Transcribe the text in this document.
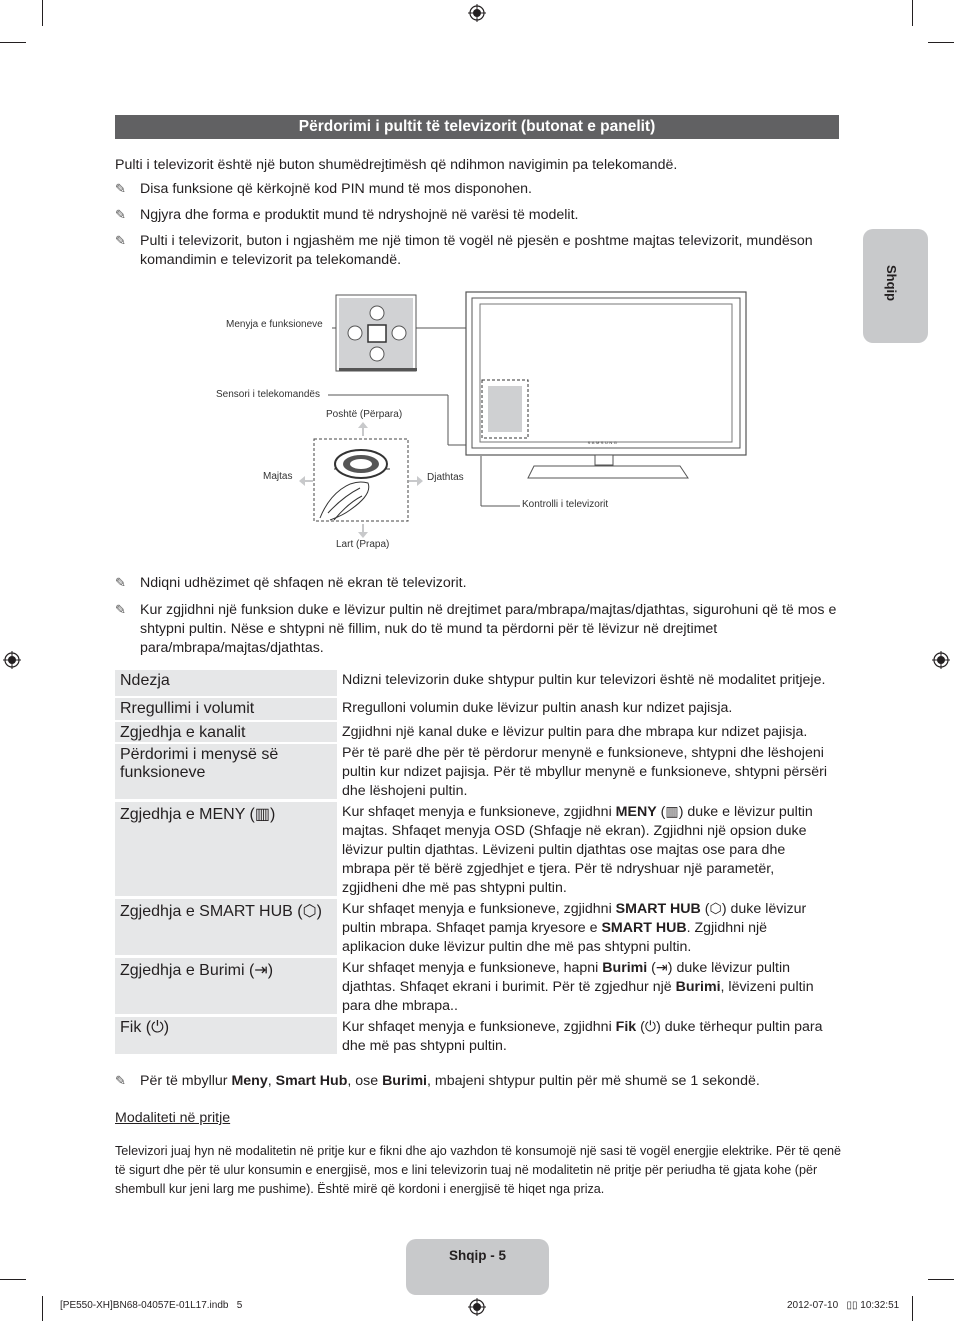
Shqip
Përdorimi i pultit të televizorit (butonat e panelit)
Pulti i televizorit është një buton shumëdrejtimësh që ndihmon navigimin pa telekomandë.
✎ Disa funksione që kërkojnë kod PIN mund të mos disponohen.
✎ Ngjyra dhe forma e produktit mund të ndryshojnë në varësi të modelit.
✎ Pulti i televizorit, buton i ngjashëm me një timon të vogël në pjesën e poshtme majtas televizorit, mundëson komandimin e televizorit pa telekomandë.
SAMSUNG
Menyja e funksioneve
Sensori i telekomandës
Poshtë (Përpara)
Majtas	Djathtas
Lart (Prapa)
Kontrolli i televizorit
✎ Ndiqni udhëzimet që shfaqen në ekran të televizorit.
✎ Kur zgjidhni një funksion duke e lëvizur pultin në drejtimet para/mbrapa/majtas/djathtas, sigurohuni që të mos e shtypni pultin. Nëse e shtypni në fillim, nuk do të mund ta përdorni për të lëvizur në drejtimet para/mbrapa/majtas/djathtas.
Ndezja	Ndizni televizorin duke shtypur pultin kur televizori është në modalitet pritjeje.
Rregullimi i volumit	Rregulloni volumin duke lëvizur pultin anash kur ndizet pajisja.
Zgjedhja e kanalit	Zgjidhni një kanal duke e lëvizur pultin para dhe mbrapa kur ndizet pajisja.
Përdorimi i menysë së funksioneve
Për të parë dhe për të përdorur menynë e funksioneve, shtypni dhe lëshojeni pultin kur ndizet pajisja. Për të mbyllur menynë e funksioneve, shtypni përsëri dhe lëshojeni pultin.
Zgjedhja e MENY (▥)	Kur shfaqet menyja e funksioneve, zgjidhni MENY (▥) duke e lëvizur pultin majtas. Shfaqet menyja OSD (Shfaqje në ekran). Zgjidhni një opsion duke lëvizur pultin djathtas. Lëvizeni pultin djathtas ose majtas ose para dhe mbrapa për të bërë zgjedhjet e tjera. Për të ndryshuar një parametër, zgjidheni dhe më pas shtypni pultin.
Zgjedhja e SMART HUB (⬡)	Kur shfaqet menyja e funksioneve, zgjidhni SMART HUB (⬡) duke lëvizur pultin mbrapa. Shfaqet pamja kryesore e SMART HUB. Zgjidhni një aplikacion duke lëvizur pultin dhe më pas shtypni pultin.
Zgjedhja e Burimi (⇥)	Kur shfaqet menyja e funksioneve, hapni Burimi (⇥) duke lëvizur pultin djathtas. Shfaqet ekrani i burimit. Për të zgjedhur një Burimi, lëvizeni pultin para dhe mbrapa..
Fik (⏻)	Kur shfaqet menyja e funksioneve, zgjidhni Fik (⏻) duke tërhequr pultin para dhe më pas shtypni pultin.
✎ Për të mbyllur Meny, Smart Hub, ose Burimi, mbajeni shtypur pultin për më shumë se 1 sekondë.
Modaliteti në pritje
Televizori juaj hyn në modalitetin në pritje kur e fikni dhe ajo vazhdon të konsumojë një sasi të vogël energjie elektrike. Për të qenë të sigurt dhe për të ulur konsumin e energjisë, mos e lini televizorin tuaj në modalitetin në pritje për periudha të gjata kohe (për shembull kur jeni larg me pushime). Është mirë që kordoni i energjisë të hiqet nga priza.
Shqip - 5
[PE550-XH]BN68-04057E-01L17.indb   5	2012-07-10   ▯▯ 10:32:51
